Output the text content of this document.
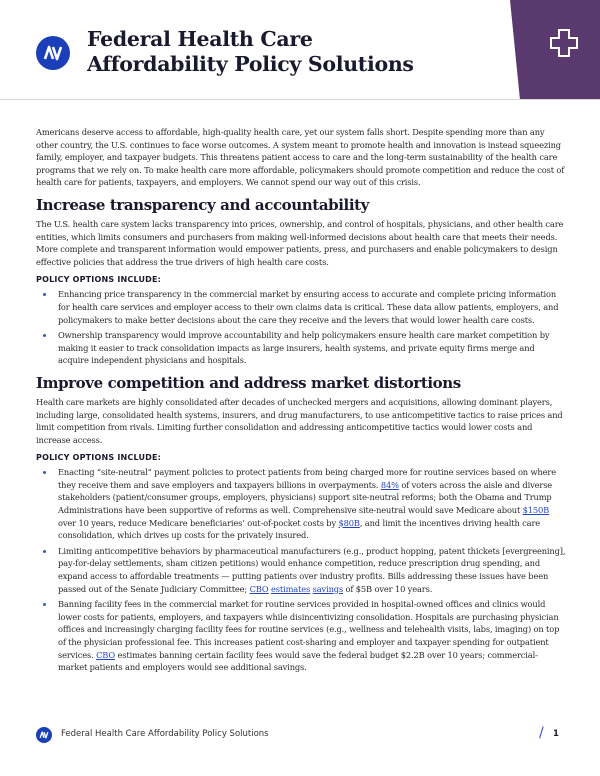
Federal Health Care
Affordability Policy Solutions

Americans deserve access to affordable, high-quality health care, yet our system falls short. Despite spending more than any other country, the U.S. continues to face worse outcomes. A system meant to promote health and innovation is instead squeezing family, employer, and taxpayer budgets. This threatens patient access to care and the long-term sustainability of the health care programs that we rely on. To make health care more affordable, policymakers should promote competition and reduce the cost of health care for patients, taxpayers, and employers. We cannot spend our way out of this crisis.

Increase transparency and accountability

The U.S. health care system lacks transparency into prices, ownership, and control of hospitals, physicians, and other health care entities, which limits consumers and purchasers from making well-informed decisions about health care that meets their needs. More complete and transparent information would empower patients, press, and purchasers and enable policymakers to design effective policies that address the true drivers of high health care costs.

POLICY OPTIONS INCLUDE:
Enhancing price transparency in the commercial market by ensuring access to accurate and complete pricing information for health care services and employer access to their own claims data is critical. These data allow patients, employers, and policymakers to make better decisions about the care they receive and the levers that would lower health care costs.
Ownership transparency would improve accountability and help policymakers ensure health care market competition by making it easier to track consolidation impacts as large insurers, health systems, and private equity firms merge and acquire independent physicians and hospitals.
Improve competition and address market distortions

Health care markets are highly consolidated after decades of unchecked mergers and acquisitions, allowing dominant players, including large, consolidated health systems, insurers, and drug manufacturers, to use anticompetitive tactics to raise prices and limit competition from rivals. Limiting further consolidation and addressing anticompetitive tactics would lower costs and increase access.

POLICY OPTIONS INCLUDE:
Enacting “site-neutral” payment policies to protect patients from being charged more for routine services based on where they receive them and save employers and taxpayers billions in overpayments. 84% of voters across the aisle and diverse stakeholders (patient/consumer groups, employers, physicians) support site-neutral reforms; both the Obama and Trump Administrations have been supportive of reforms as well. Comprehensive site-neutral would save Medicare about $150B over 10 years, reduce Medicare beneficiaries’ out-of-pocket costs by $80B, and limit the incentives driving health care consolidation, which drives up costs for the privately insured.
Limiting anticompetitive behaviors by pharmaceutical manufacturers (e.g., product hopping, patent thickets [evergreening], pay-for-delay settlements, sham citizen petitions) would enhance competition, reduce prescription drug spending, and expand access to affordable treatments — putting patients over industry profits. Bills addressing these issues have been passed out of the Senate Judiciary Committee; CBO estimates savings of $5B over 10 years.
Banning facility fees in the commercial market for routine services provided in hospital-owned offices and clinics would lower costs for patients, employers, and taxpayers while disincentivizing consolidation. Hospitals are purchasing physician offices and increasingly charging facility fees for routine services (e.g., wellness and telehealth visits, labs, imaging) on top of the physician professional fee. This increases patient cost-sharing and employer and taxpayer spending for outpatient services. CBO estimates banning certain facility fees would save the federal budget $2.2B over 10 years; commercial-market patients and employers would see additional savings.
Federal Health Care Affordability Policy Solutions	/ 1
